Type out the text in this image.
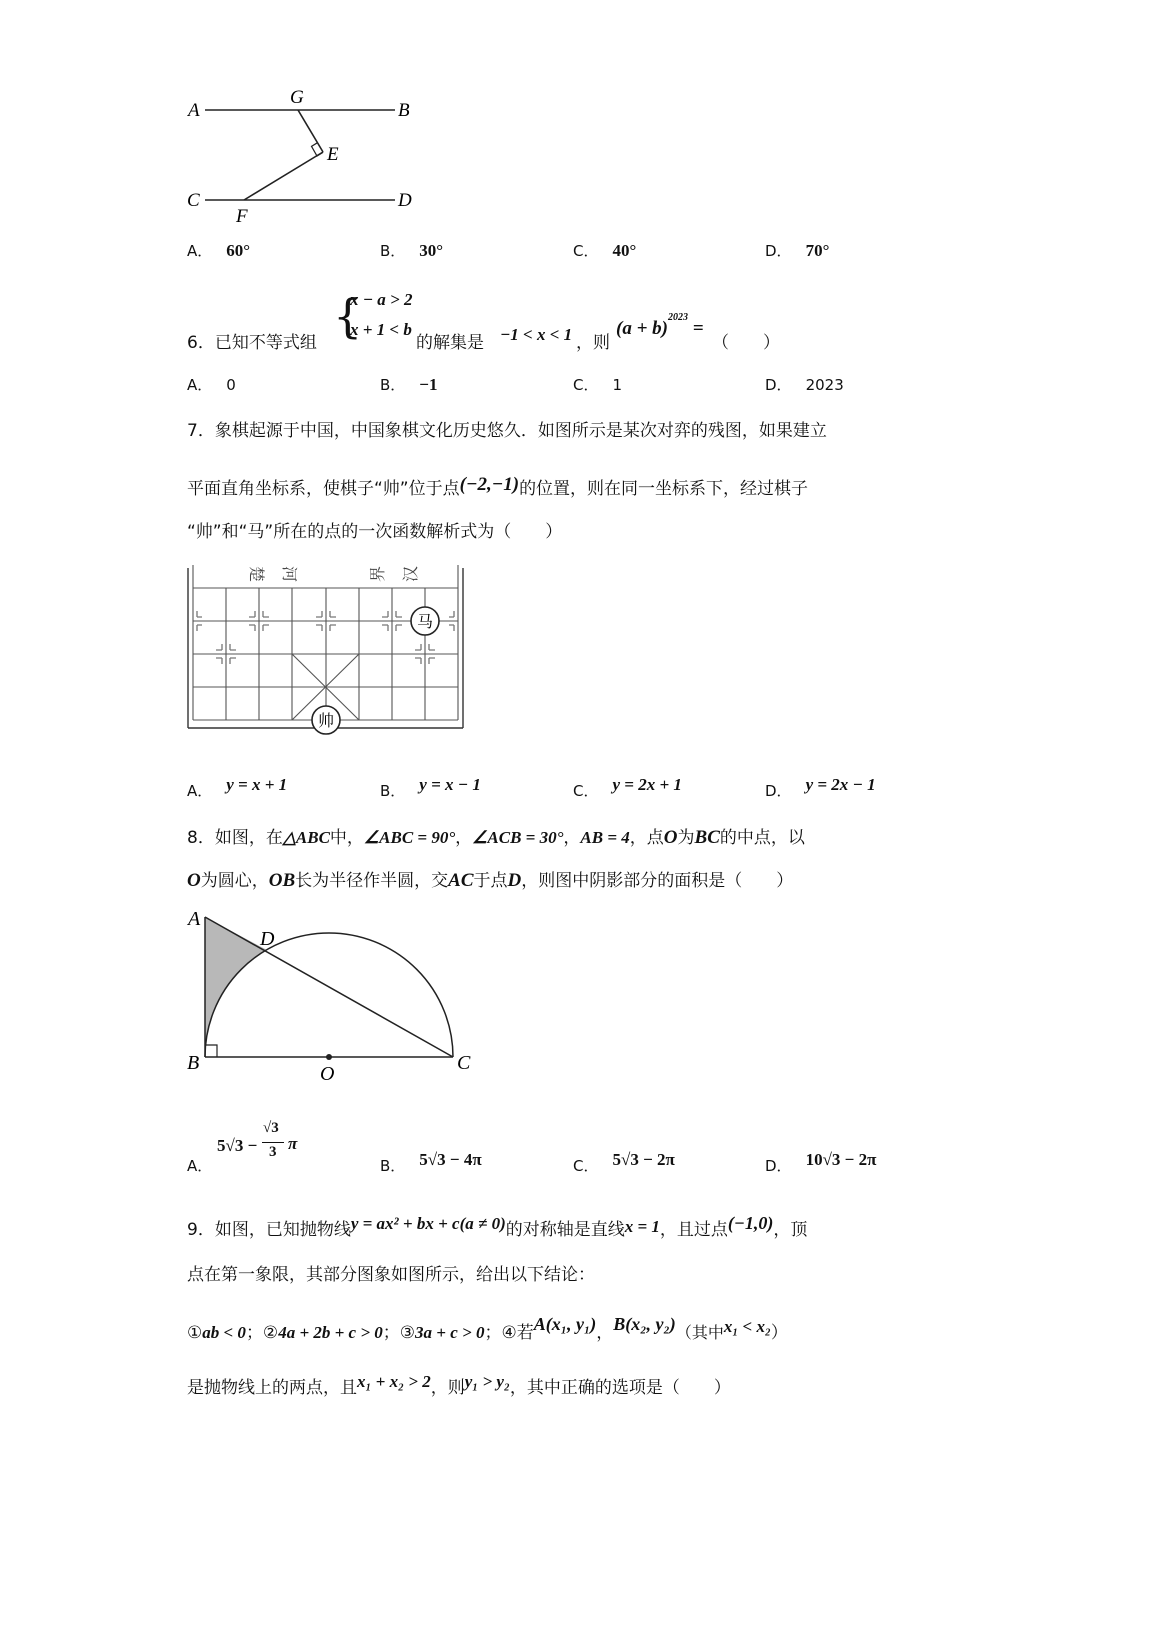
A
G
B
E
C
F
D
A． 60°	B． 30°	C． 40°	D． 70°
6．已知不等式组 {
x − a > 2
x + 1 < b
的解集是 −1 < x < 1 ，则
$(a + b)^{2023}$ =
（　　）
A． 0	B． −1	C． 1	D． 2023
7．象棋起源于中国，中国象棋文化历史悠久．如图所示是某次对弈的残图，如果建立
平面直角坐标系，使棋子“帅”位于点(−2,−1)的位置，则在同一坐标系下，经过棋子
“帅”和“马”所在的点的一次函数解析式为（　　）
楚 河	界 汉
马
帅
A． y = x + 1	B． y = x − 1	C． y = 2x + 1	D． y = 2x − 1
8．如图，在△ABC中，∠ABC = 90°，∠ACB = 30°，AB = 4，点O为BC的中点，以
O为圆心，OB长为半径作半圆，交AC于点D，则图中阴影部分的面积是（　　）
A
D
B	O	C
A．
5√3 −
√3
3 π
B． 5√3 − 4π	C． 5√3 − 2π	D． 10√3 − 2π
9．如图，已知抛物线y = ax² + bx + c(a ≠ 0)的对称轴是直线x = 1，且过点(−1,0)，顶
点在第一象限，其部分图象如图所示，给出以下结论：
①ab < 0；②4a + 2b + c > 0；③3a + c > 0；④若A(x₁, y₁)，B(x₂, y₂)（其中x₁ < x₂）
是抛物线上的两点，且x₁ + x₂ > 2，则y₁ > y₂，其中正确的选项是（　　）
